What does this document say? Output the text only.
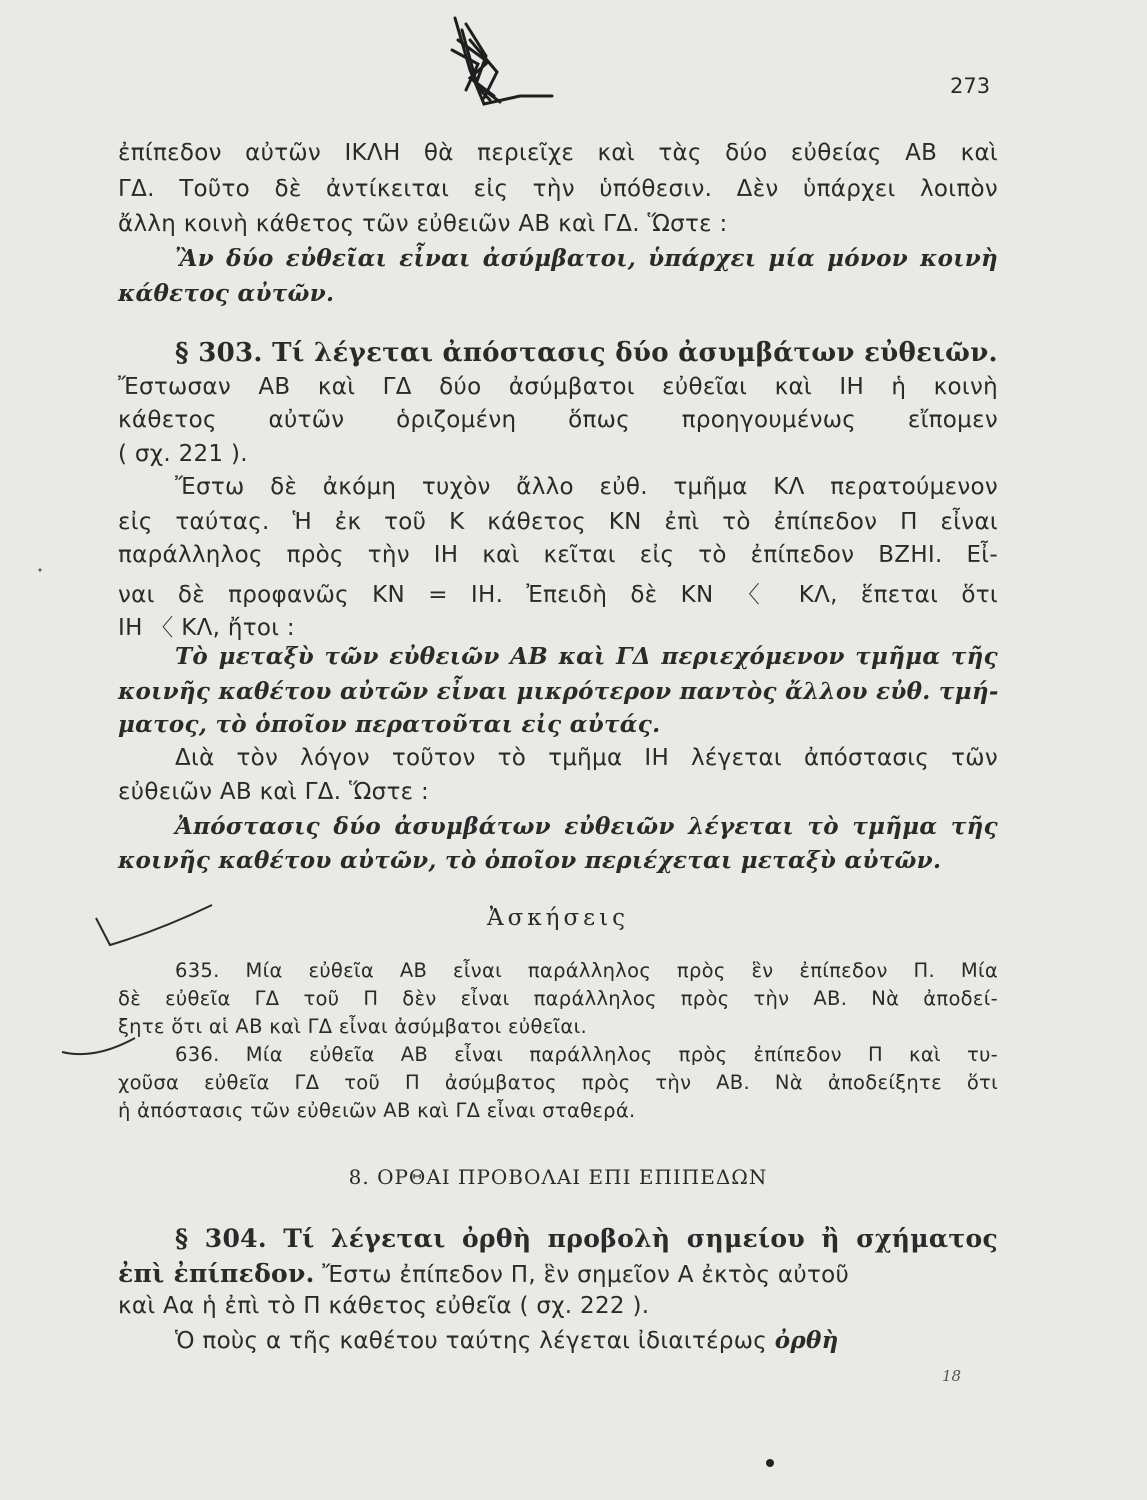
273
ἐπίπεδον αὐτῶν ΙΚΛΗ θὰ περιεῖχε καὶ τὰς δύο εὐθείας ΑΒ καὶ
ΓΔ. Τοῦτο δὲ ἀντίκειται εἰς τὴν ὑπόθεσιν. Δὲν ὑπάρχει λοιπὸν
ἄλλη κοινὴ κάθετος τῶν εὐθειῶν ΑΒ καὶ ΓΔ. Ὥστε :
Ἂν δύο εὐθεῖαι εἶναι ἀσύμβατοι, ὑπάρχει μία μόνον κοινὴ
κάθετος αὐτῶν.
§ 303. Τί λέγεται ἀπόστασις δύο ἀσυμβάτων εὐθειῶν.
Ἔστωσαν ΑΒ καὶ ΓΔ δύο ἀσύμβατοι εὐθεῖαι καὶ ΙΗ ἡ κοινὴ
κάθετος αὐτῶν ὁριζομένη ὅπως προηγουμένως εἴπομεν
( σχ. 221 ).
Ἔστω δὲ ἀκόμη τυχὸν ἄλλο εὐθ. τμῆμα ΚΛ περατούμενον
εἰς ταύτας. Ἡ ἐκ τοῦ Κ κάθετος ΚΝ ἐπὶ τὸ ἐπίπεδον Π εἶναι
παράλληλος πρὸς τὴν ΙΗ καὶ κεῖται εἰς τὸ ἐπίπεδον ΒΖΗΙ. Εἶ-
ναι δὲ προφανῶς ΚΝ = ΙΗ. Ἐπειδὴ δὲ ΚΝ 〈 ΚΛ, ἕπεται ὅτι
ΙΗ 〈 ΚΛ, ἤτοι :
Τὸ μεταξὺ τῶν εὐθειῶν ΑΒ καὶ ΓΔ περιεχόμενον τμῆμα τῆς
κοινῆς καθέτου αὐτῶν εἶναι μικρότερον παντὸς ἄλλου εὐθ. τμή-
ματος, τὸ ὁποῖον περατοῦται εἰς αὐτάς.
Διὰ τὸν λόγον τοῦτον τὸ τμῆμα ΙΗ λέγεται ἀπόστασις τῶν
εὐθειῶν ΑΒ καὶ ΓΔ. Ὥστε :
Ἀπόστασις δύο ἀσυμβάτων εὐθειῶν λέγεται τὸ τμῆμα τῆς
κοινῆς καθέτου αὐτῶν, τὸ ὁποῖον περιέχεται μεταξὺ αὐτῶν.
Ἀσκήσεις
635. Μία εὐθεῖα ΑΒ εἶναι παράλληλος πρὸς ἓν ἐπίπεδον Π. Μία
δὲ εὐθεῖα ΓΔ τοῦ Π δὲν εἶναι παράλληλος πρὸς τὴν ΑΒ. Νὰ ἀποδεί-
ξητε ὅτι αἱ ΑΒ καὶ ΓΔ εἶναι ἀσύμβατοι εὐθεῖαι.
636. Μία εὐθεῖα ΑΒ εἶναι παράλληλος πρὸς ἐπίπεδον Π καὶ τυ-
χοῦσα εὐθεῖα ΓΔ τοῦ Π ἀσύμβατος πρὸς τὴν ΑΒ. Νὰ ἀποδείξητε ὅτι
ἡ ἀπόστασις τῶν εὐθειῶν ΑΒ καὶ ΓΔ εἶναι σταθερά.
8. ΟΡΘΑΙ ΠΡΟΒΟΛΑΙ ΕΠΙ ΕΠΙΠΕΔΩΝ
§ 304. Τί λέγεται ὀρθὴ προβολὴ σημείου ἢ σχήματος
ἐπὶ ἐπίπεδον. Ἔστω ἐπίπεδον Π, ἓν σημεῖον Α ἐκτὸς αὐτοῦ
καὶ Αα ἡ ἐπὶ τὸ Π κάθετος εὐθεῖα ( σχ. 222 ).
Ὁ ποὺς α τῆς καθέτου ταύτης λέγεται ἰδιαιτέρως ὀρθὴ
18
